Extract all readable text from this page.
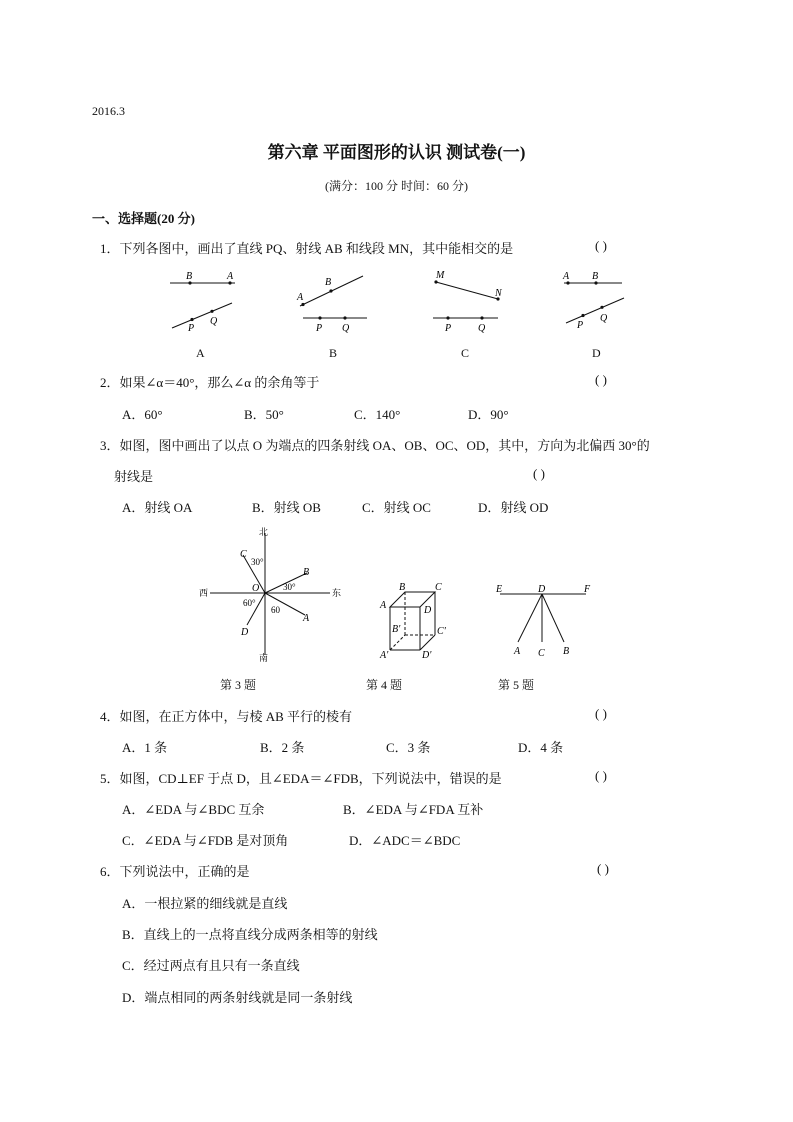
2016.3
第六章 平面图形的认识 测试卷(一)
(满分：100 分 时间：60 分)
一、选择题(20 分)
1．下列各图中，画出了直线 PQ、射线 AB 和线段 MN，其中能相交的是	( )
B	A
P
Q
A
B
A
P Q
B
M
N
P	Q
C
A B
P
Q
D
2．如果∠α＝40°，那么∠α 的余角等于	( )
A．60°	B．50°	C．140°	D．90°
3．如图，图中画出了以点 O 为端点的四条射线 OA、OB、OC、OD，其中，方向为北偏西 30°的
射线是	( )
A．射线 OA	B．射线 OB	C．射线 OC	D．射线 OD
北
南
东
西	O
A
B
C
D
30°
30°
60°
60
第 3 题
B	C
A	D
B'	C'
A'	D'
第 4 题
E	D	F
A C B
第 5 题
4．如图，在正方体中，与棱 AB 平行的棱有	( )
A．1 条	B．2 条	C．3 条	D．4 条
5．如图，CD⊥EF 于点 D，且∠EDA＝∠FDB，下列说法中，错误的是	( )
A．∠EDA 与∠BDC 互余	B．∠EDA 与∠FDA 互补
C．∠EDA 与∠FDB 是对顶角	D．∠ADC＝∠BDC
6．下列说法中，正确的是	( )
A．一根拉紧的细线就是直线
B．直线上的一点将直线分成两条相等的射线
C．经过两点有且只有一条直线
D．端点相同的两条射线就是同一条射线
